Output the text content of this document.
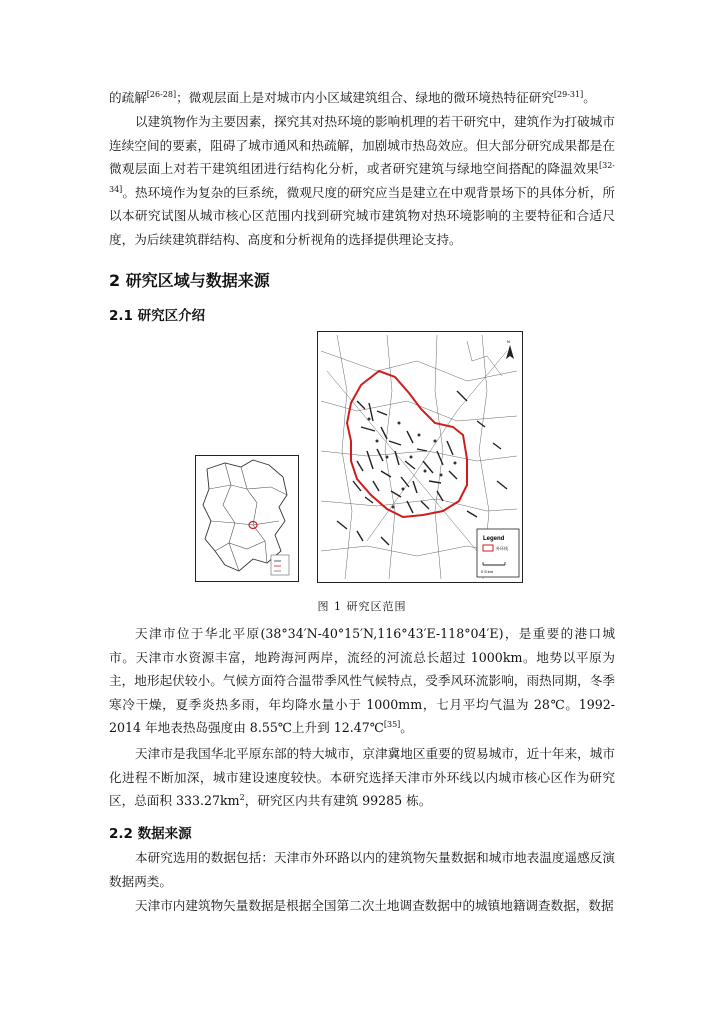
的疏解[26-28]；微观层面上是对城市内小区域建筑组合、绿地的微环境热特征研究[29-31]。

以建筑物作为主要因素，探究其对热环境的影响机理的若干研究中，建筑作为打破城市连续空间的要素，阻碍了城市通风和热疏解，加剧城市热岛效应。但大部分研究成果都是在微观层面上对若干建筑组团进行结构化分析，或者研究建筑与绿地空间搭配的降温效果[32-34]。热环境作为复杂的巨系统，微观尺度的研究应当是建立在中观背景场下的具体分析，所以本研究试图从城市核心区范围内找到研究城市建筑物对热环境影响的主要特征和合适尺度，为后续建筑群结构、高度和分析视角的选择提供理论支持。

2 研究区域与数据来源
2.1 研究区介绍
N
Legend
外环线
0 5 km
图 1 研究区范围

天津市位于华北平原(38°34′N-40°15′N,116°43′E-118°04′E)，是重要的港口城市。天津市水资源丰富，地跨海河两岸，流经的河流总长超过 1000km。地势以平原为主，地形起伏较小。气候方面符合温带季风性气候特点，受季风环流影响，雨热同期，冬季寒冷干燥，夏季炎热多雨，年均降水量小于 1000mm，七月平均气温为 28℃。1992-2014 年地表热岛强度由 8.55℃上升到 12.47℃[35]。

天津市是我国华北平原东部的特大城市，京津冀地区重要的贸易城市，近十年来，城市化进程不断加深，城市建设速度较快。本研究选择天津市外环线以内城市核心区作为研究区，总面积 $333.27km^2$，研究区内共有建筑 99285 栋。

2.2 数据来源

本研究选用的数据包括：天津市外环路以内的建筑物矢量数据和城市地表温度遥感反演数据两类。

天津市内建筑物矢量数据是根据全国第二次土地调查数据中的城镇地籍调查数据，数据
